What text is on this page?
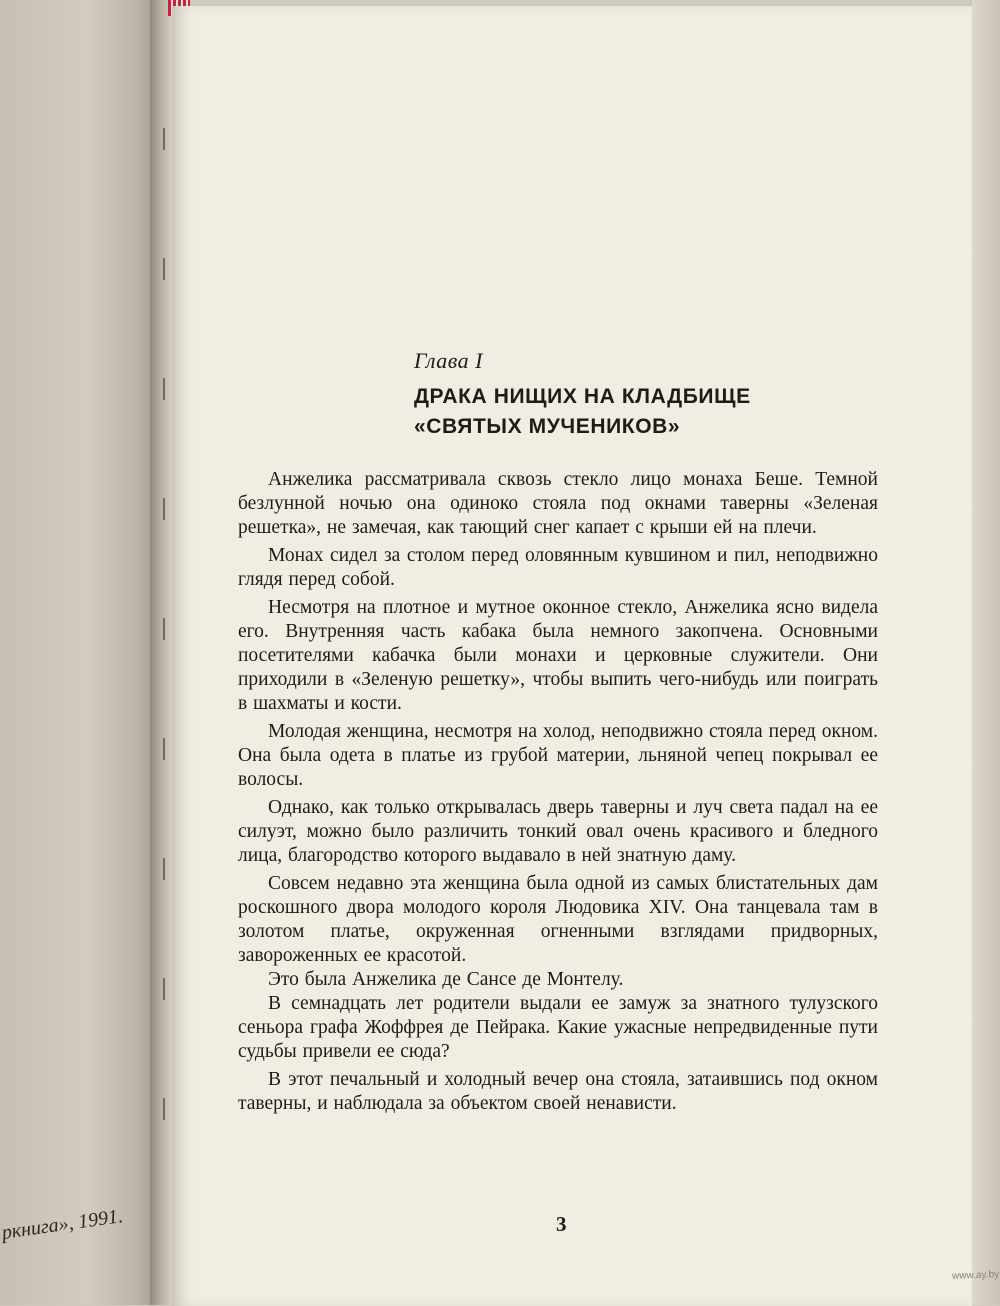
ркнига», 1991.
Глава I
ДРАКА НИЩИХ НА КЛАДБИЩЕ
«СВЯТЫХ МУЧЕНИКОВ»

Анжелика рассматривала сквозь стекло лицо монаха Беше. Темной безлунной ночью она одиноко стояла под окнами таверны «Зеленая решетка», не замечая, как тающий снег капает с крыши ей на плечи.

Монах сидел за столом перед оловянным кувшином и пил, неподвижно глядя перед собой.

Несмотря на плотное и мутное оконное стекло, Анжелика ясно видела его. Внутренняя часть кабака была немного закопчена. Основными посетителями кабачка были монахи и церковные служители. Они приходили в «Зеленую решетку», чтобы выпить чего-нибудь или поиграть в шахматы и кости.

Молодая женщина, несмотря на холод, неподвижно стояла перед окном. Она была одета в платье из грубой материи, льняной чепец покрывал ее волосы.

Однако, как только открывалась дверь таверны и луч света падал на ее силуэт, можно было различить тонкий овал очень красивого и бледного лица, благородство которого выдавало в ней знатную даму.

Совсем недавно эта женщина была одной из самых блистательных дам роскошного двора молодого короля Людовика XIV. Она танцевала там в золотом платье, окруженная огненными взглядами придворных, завороженных ее красотой.

Это была Анжелика де Сансе де Монтелу.

В семнадцать лет родители выдали ее замуж за знатного тулузского сеньора графа Жоффрея де Пейрака. Какие ужасные непредвиденные пути судьбы привели ее сюда?

В этот печальный и холодный вечер она стояла, затаившись под окном таверны, и наблюдала за объектом своей ненависти.

3
www.ay.by
